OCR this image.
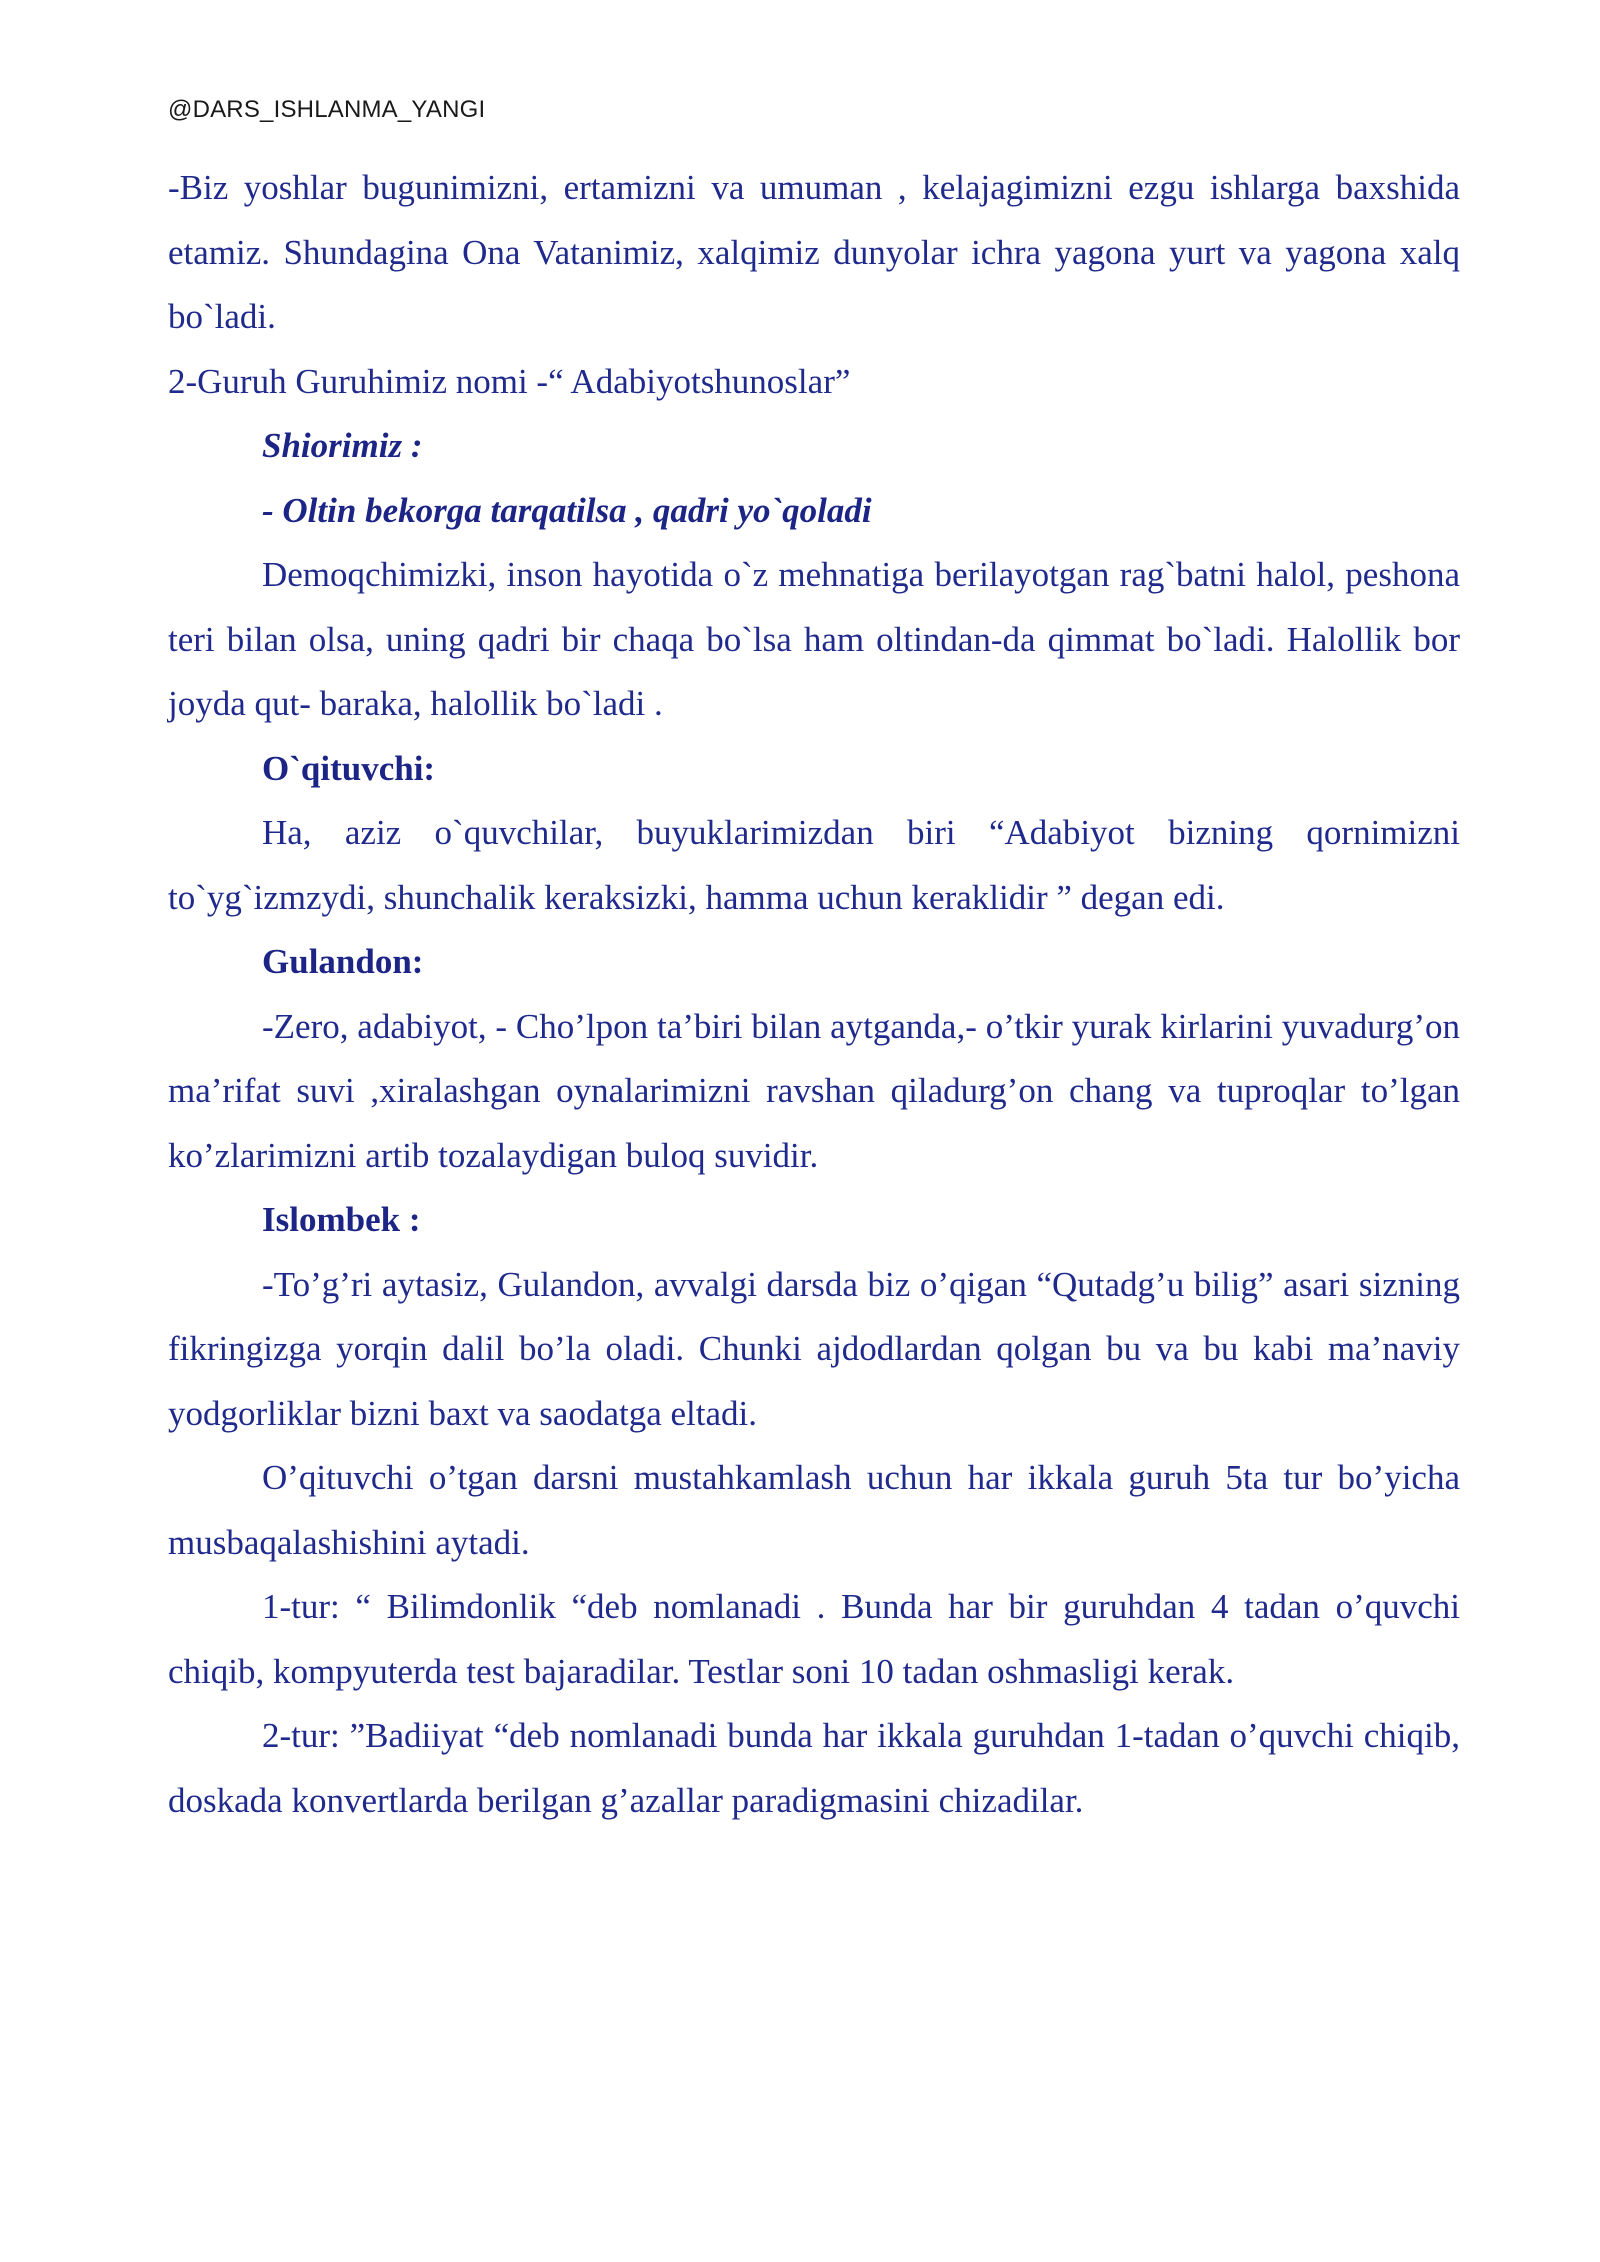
@DARS_ISHLANMA_YANGI

-Biz yoshlar bugunimizni, ertamizni va umuman , kelajagimizni ezgu ishlarga baxshida etamiz. Shundagina Ona Vatanimiz, xalqimiz dunyolar ichra yagona yurt va yagona xalq bo`ladi.

2-Guruh Guruhimiz nomi -“ Adabiyotshunoslar”

Shiorimiz :

- Oltin bekorga tarqatilsa , qadri yo`qoladi

Demoqchimizki, inson hayotida o`z mehnatiga berilayotgan rag`batni halol, peshona teri bilan olsa, uning qadri bir chaqa bo`lsa ham oltindan-da qimmat bo`ladi. Halollik bor joyda qut- baraka, halollik bo`ladi .

O`qituvchi:

Ha, aziz o`quvchilar, buyuklarimizdan biri “Adabiyot bizning qornimizni to`yg`izmzydi, shunchalik keraksizki, hamma uchun keraklidir ” degan edi.

Gulandon:

-Zero, adabiyot, - Cho’lpon ta’biri bilan aytganda,- o’tkir yurak kirlarini yuvadurg’on ma’rifat suvi ,xiralashgan oynalarimizni ravshan qiladurg’on chang va tuproqlar to’lgan ko’zlarimizni artib tozalaydigan buloq suvidir.

Islombek :

-To’g’ri aytasiz, Gulandon, avvalgi darsda biz o’qigan “Qutadg’u bilig” asari sizning fikringizga yorqin dalil bo’la oladi. Chunki ajdodlardan qolgan bu va bu kabi ma’naviy yodgorliklar bizni baxt va saodatga eltadi.

O’qituvchi o’tgan darsni mustahkamlash uchun har ikkala guruh 5ta tur bo’yicha musbaqalashishini aytadi.

1-tur: “ Bilimdonlik “deb nomlanadi . Bunda har bir guruhdan 4 tadan o’quvchi chiqib, kompyuterda test bajaradilar. Testlar soni 10 tadan oshmasligi kerak.

2-tur: ”Badiiyat “deb nomlanadi bunda har ikkala guruhdan 1-tadan o’quvchi chiqib, doskada konvertlarda berilgan g’azallar paradigmasini chizadilar.
